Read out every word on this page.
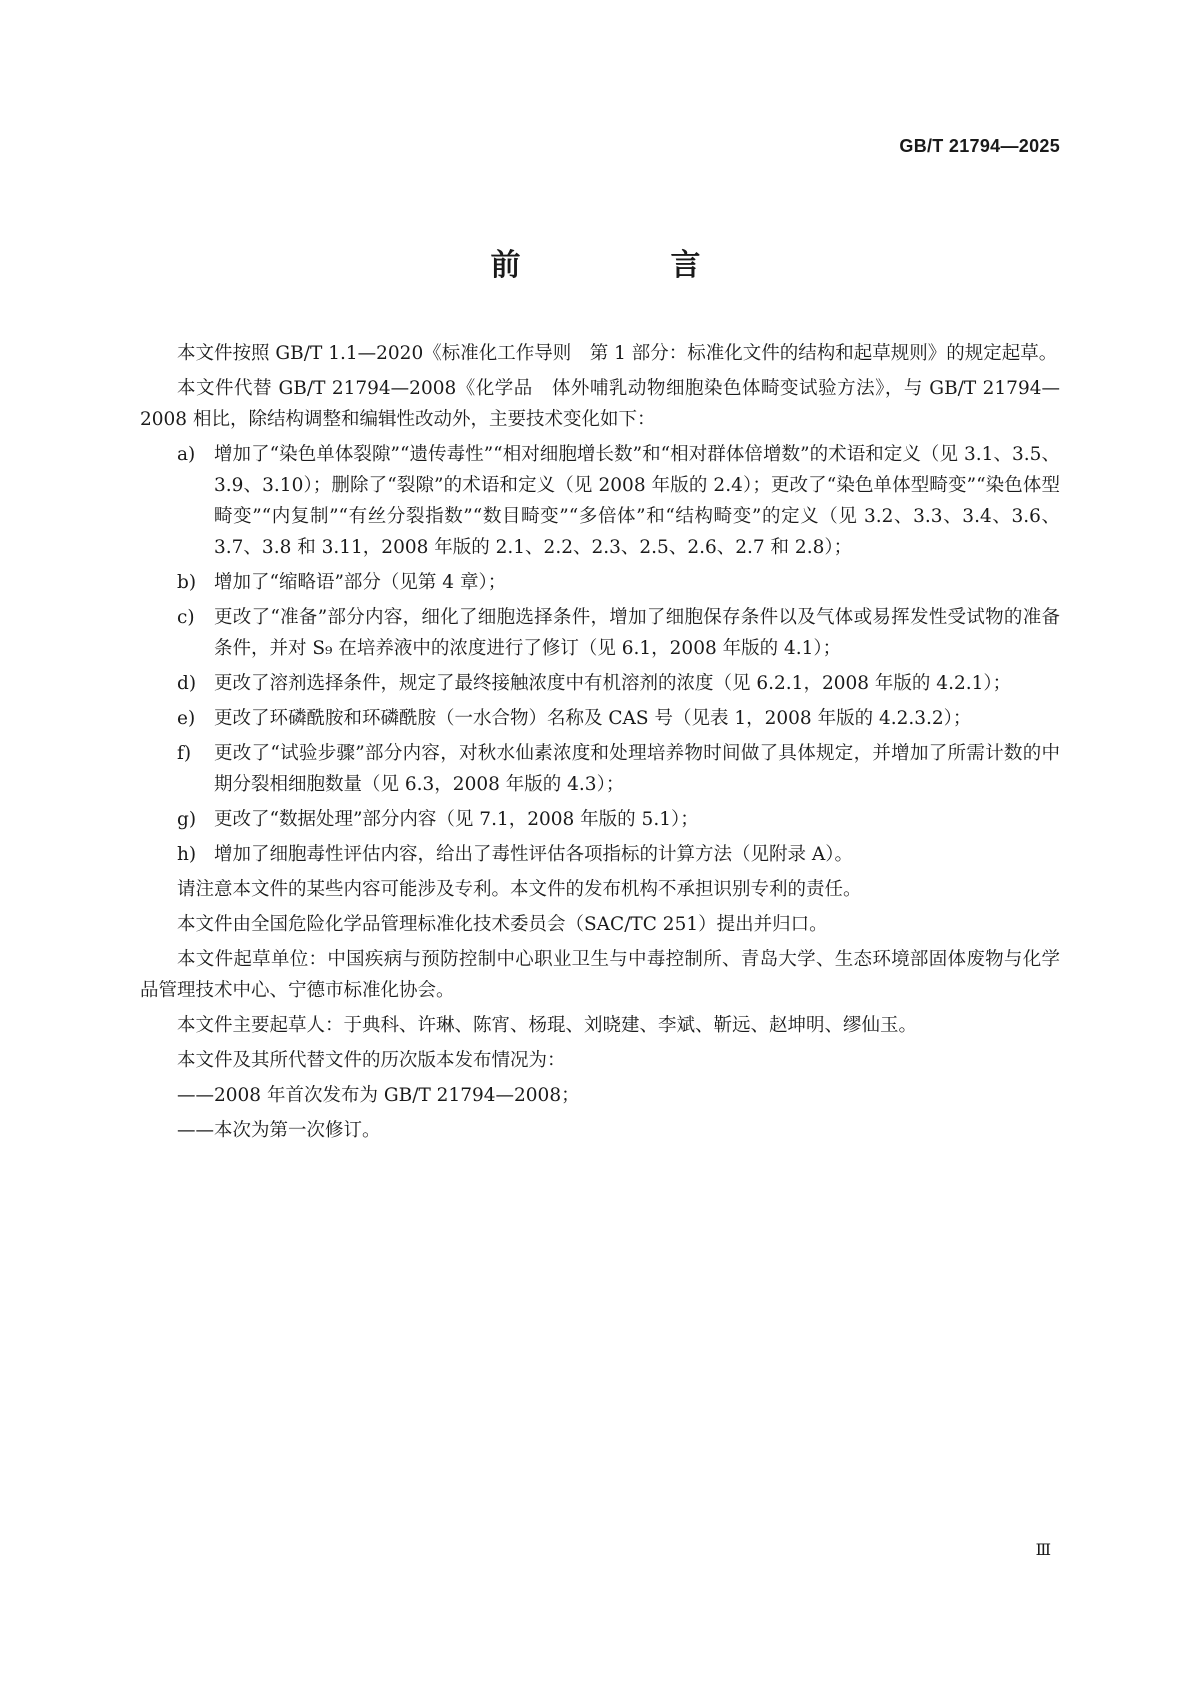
GB/T 21794—2025
前　言

本文件按照 GB/T 1.1—2020《标准化工作导则　第 1 部分：标准化文件的结构和起草规则》的规定起草。

本文件代替 GB/T 21794—2008《化学品　体外哺乳动物细胞染色体畸变试验方法》，与 GB/T 21794—2008 相比，除结构调整和编辑性改动外，主要技术变化如下：

a)	增加了“染色单体裂隙”“遗传毒性”“相对细胞增长数”和“相对群体倍增数”的术语和定义（见 3.1、3.5、3.9、3.10）；删除了“裂隙”的术语和定义（见 2008 年版的 2.4）；更改了“染色单体型畸变”“染色体型畸变”“内复制”“有丝分裂指数”“数目畸变”“多倍体”和“结构畸变”的定义（见 3.2、3.3、3.4、3.6、3.7、3.8 和 3.11，2008 年版的 2.1、2.2、2.3、2.5、2.6、2.7 和 2.8）；
b) 增加了“缩略语”部分（见第 4 章）；
c)	更改了“准备”部分内容，细化了细胞选择条件，增加了细胞保存条件以及气体或易挥发性受试物的准备条件，并对 S₉ 在培养液中的浓度进行了修订（见 6.1，2008 年版的 4.1）；
d) 更改了溶剂选择条件，规定了最终接触浓度中有机溶剂的浓度（见 6.2.1，2008 年版的 4.2.1）；
e)	更改了环磷酰胺和环磷酰胺（一水合物）名称及 CAS 号（见表 1，2008 年版的 4.2.3.2）；
f)	更改了“试验步骤”部分内容，对秋水仙素浓度和处理培养物时间做了具体规定，并增加了所需计数的中期分裂相细胞数量（见 6.3，2008 年版的 4.3）；
g) 更改了“数据处理”部分内容（见 7.1，2008 年版的 5.1）；
h) 增加了细胞毒性评估内容，给出了毒性评估各项指标的计算方法（见附录 A）。

请注意本文件的某些内容可能涉及专利。本文件的发布机构不承担识别专利的责任。

本文件由全国危险化学品管理标准化技术委员会（SAC/TC 251）提出并归口。

本文件起草单位：中国疾病与预防控制中心职业卫生与中毒控制所、青岛大学、生态环境部固体废物与化学品管理技术中心、宁德市标准化协会。

本文件主要起草人：于典科、许琳、陈宵、杨琨、刘晓建、李斌、靳远、赵坤明、缪仙玉。

本文件及其所代替文件的历次版本发布情况为：

——2008 年首次发布为 GB/T 21794—2008；
——本次为第一次修订。
Ⅲ
